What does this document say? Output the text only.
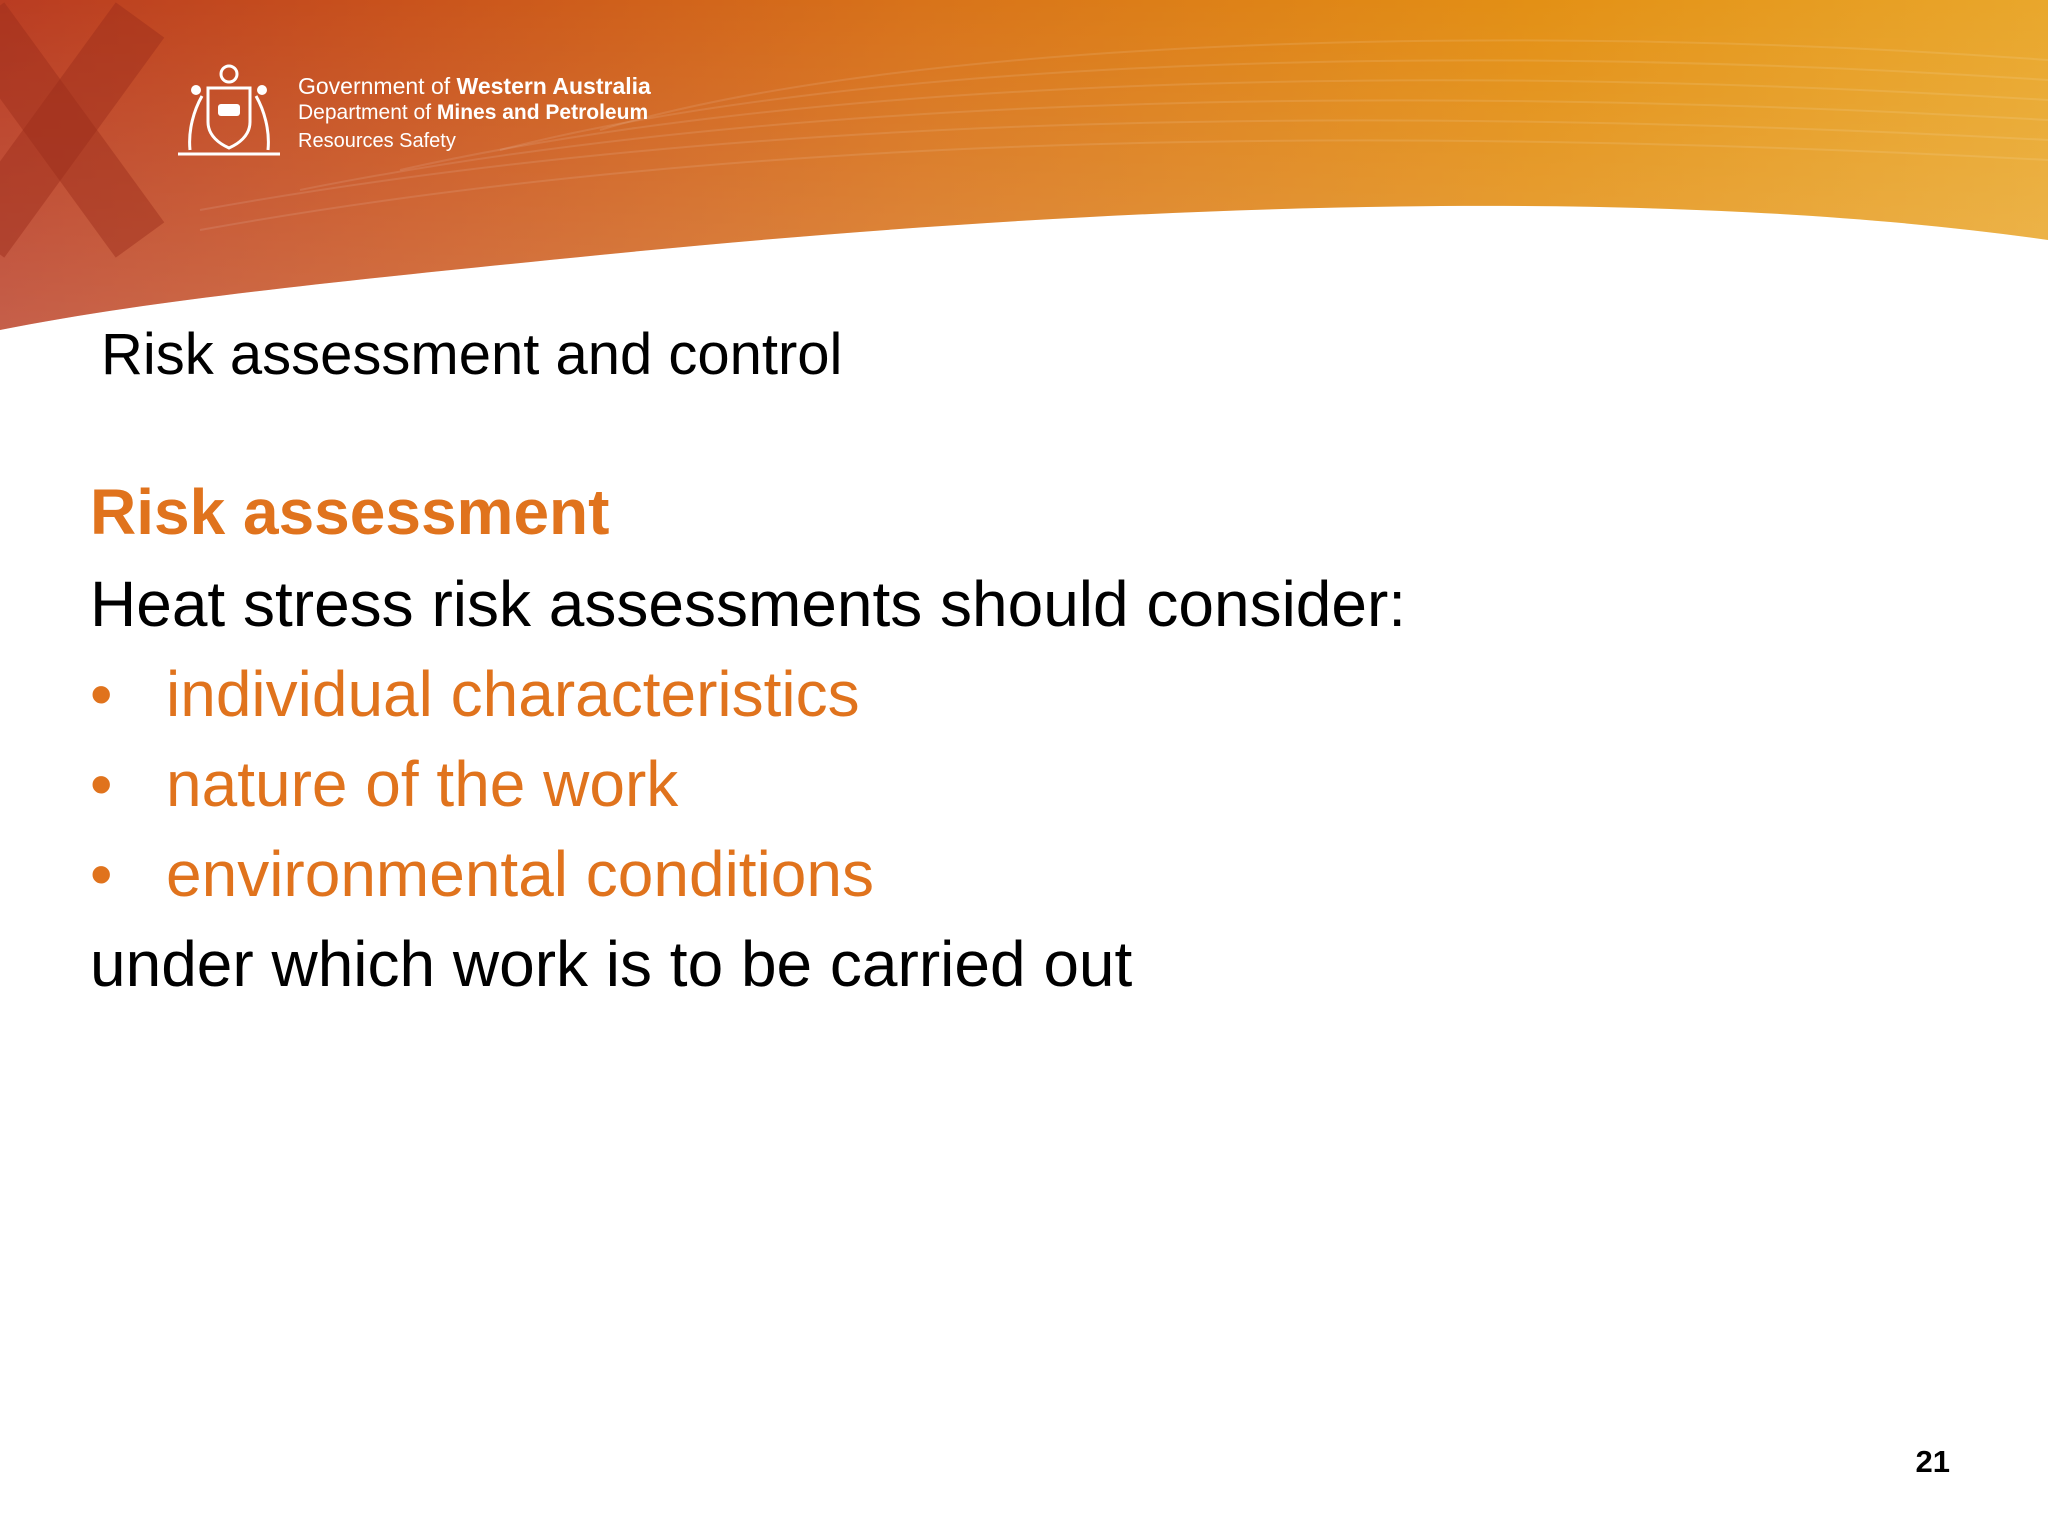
Government of Western Australia
Department of Mines and Petroleum
Resources Safety
Risk assessment and control
Risk assessment
Heat stress risk assessments should consider:
• individual characteristics
• nature of the work
• environmental conditions
under which work is to be carried out
21
